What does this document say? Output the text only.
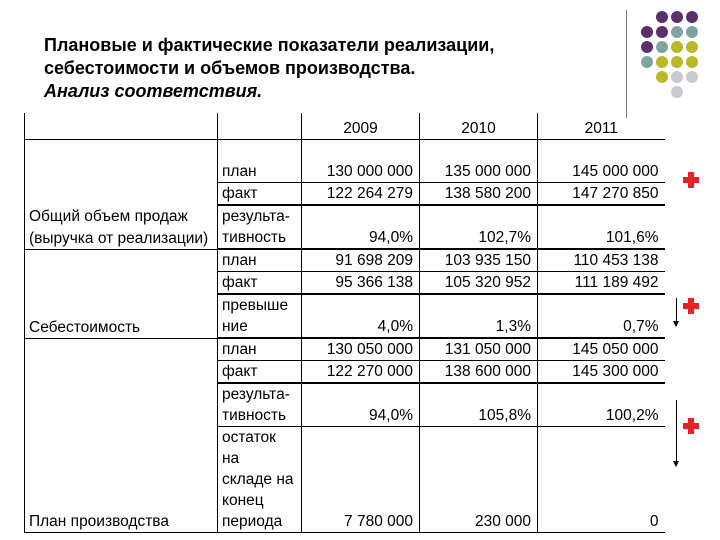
Плановые и фактические показатели реализации,
себестоимости и объемов производства.
Анализ соответствия.
		2009	2010	2011

	план	130 000 000	135 000 000	145 000 000
	факт	122 264 279	138 580 200	147 270 850
Общий объем продаж	результа-			
(выручка от реализации)	тивность	94,0%	102,7%	101,6%
	план	91 698 209	103 935 150	110 453 138
	факт	95 366 138	105 320 952	111 189 492
	превыше			
Себестоимость	ние	4,0%	1,3%	0,7%
	план	130 050 000	131 050 000	145 050 000
	факт	122 270 000	138 600 000	145 300 000
	результа-			
	тивность	94,0%	105,8%	100,2%
	остаток			
	на			
	складе на			
	конец			
План производства	периода	7 780 000	230 000	0
